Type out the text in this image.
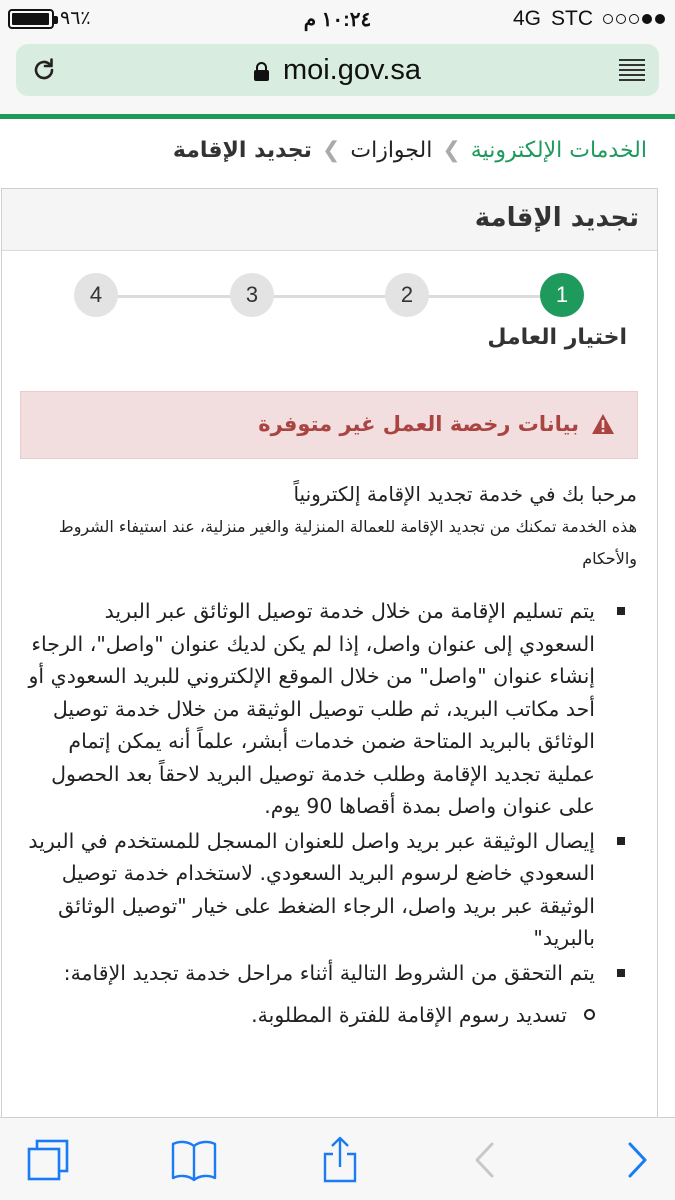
٩٦٪	١٠:٢٤ م	4G STC
moi.gov.sa
الخدمات الإلكترونية
❯
الجوازات
❯
تجديد الإقامة
تجديد الإقامة
4	3	2	1
اختيار العامل
بيانات رخصة العمل غير متوفرة
مرحبا بك في خدمة تجديد الإقامة إلكترونياً
هذه الخدمة تمكنك من تجديد الإقامة للعمالة المنزلية والغير منزلية، عند استيفاء الشروط والأحكام
يتم تسليم الإقامة من خلال خدمة توصيل الوثائق عبر البريد السعودي إلى عنوان واصل، إذا لم يكن لديك عنوان "واصل"، الرجاء إنشاء عنوان "واصل" من خلال الموقع الإلكتروني للبريد السعودي أو أحد مكاتب البريد، ثم طلب توصيل الوثيقة من خلال خدمة توصيل الوثائق بالبريد المتاحة ضمن خدمات أبشر، علماً أنه يمكن إتمام عملية تجديد الإقامة وطلب خدمة توصيل البريد لاحقاً بعد الحصول على عنوان واصل بمدة أقصاها 90 يوم.
إيصال الوثيقة عبر بريد واصل للعنوان المسجل للمستخدم في البريد السعودي خاضع لرسوم البريد السعودي. لاستخدام خدمة توصيل الوثيقة عبر بريد واصل، الرجاء الضغط على خيار "توصيل الوثائق بالبريد"
يتم التحقق من الشروط التالية أثناء مراحل خدمة تجديد الإقامة:
تسديد رسوم الإقامة للفترة المطلوبة.
